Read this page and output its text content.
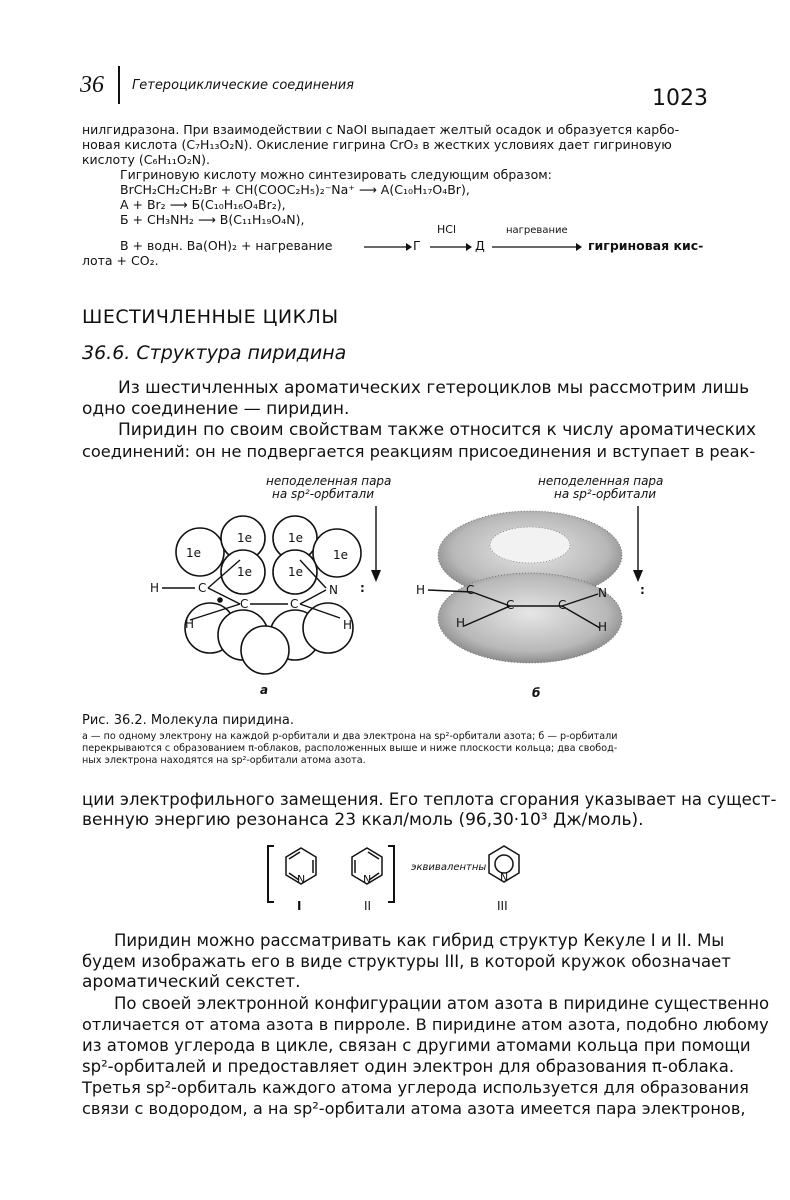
36 Гетероциклические соединения
1023
нилгидразона. При взаимодействии с NaOI выпадает желтый осадок и образуется карбо-
новая кислота (C₇H₁₃O₂N). Окисление гигрина CrO₃ в жестких условиях дает гигриновую
кислоту (C₆H₁₁O₂N).
Гигриновую кислоту можно синтезировать следующим образом:
BrCH₂CH₂CH₂Br + CH(COOC₂H₅)₂⁻Na⁺ ⟶ A(C₁₀H₁₇O₄Br),
A + Br₂ ⟶ Б(C₁₀H₁₆O₄Br₂),
Б + CH₃NH₂ ⟶ B(C₁₁H₁₉O₄N),
В + водн. Ba(OH)₂ + нагревание	Г
HCl
Д
нагревание
гигриновая кис-
лота + CO₂.
ШЕСТИЧЛЕННЫЕ ЦИКЛЫ
36.6. Структура пиридина
Из шестичленных ароматических гетероциклов мы рассмотрим лишь
одно соединение — пиридин.
Пиридин по своим свойствам также относится к числу ароматических
соединений: он не подвергается реакциям присоединения и вступает в реак-
неподеленная пара
на sp²-орбитали
1e
1e	1e
1e
1e	1e
H	C
C	C
N :
H	H
а
неподеленная пара
на sp²-орбитали
H	C
C	C
N	:
H	H
б
Рис. 36.2. Молекула пиридина.
а — по одному электрону на каждой p-орбитали и два электрона на sp²-орбитали азота; б — p-орбитали
перекрываются с образованием π-облаков, расположенных выше и ниже плоскости кольца; два свобод-
ных электрона находятся на sp²-орбитали атома азота.
ции электрофильного замещения. Его теплота сгорания указывает на сущест-
венную энергию резонанса 23 ккал/моль (96,30·10³ Дж/моль).
N	N	N
эквивалентны
I	II	III
Пиридин можно рассматривать как гибрид структур Кекуле I и II. Мы
будем изображать его в виде структуры III, в которой кружок обозначает
ароматический секстет.
По своей электронной конфигурации атом азота в пиридине существенно
отличается от атома азота в пирроле. В пиридине атом азота, подобно любому
из атомов углерода в цикле, связан с другими атомами кольца при помощи
sp²-орбиталей и предоставляет один электрон для образования π-облака.
Третья sp²-орбиталь каждого атома углерода используется для образования
связи с водородом, а на sp²-орбитали атома азота имеется пара электронов,
